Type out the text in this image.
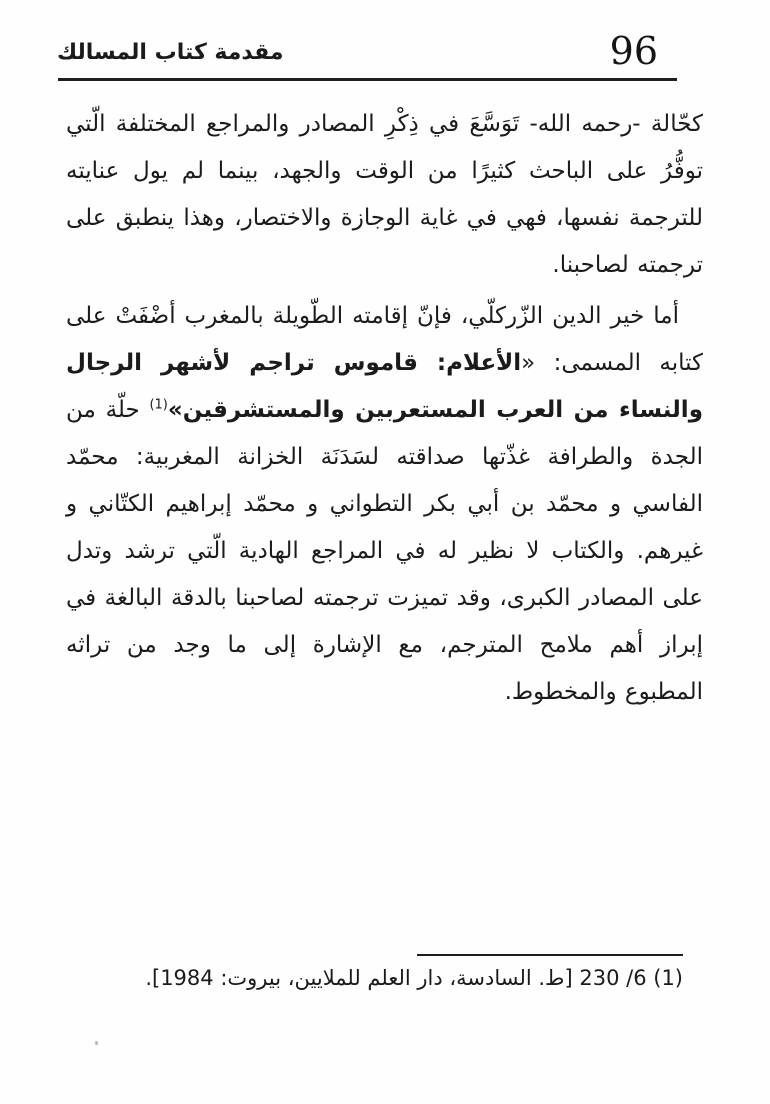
مقدمة كتاب المسالك	96

كحّالة -رحمه الله- تَوَسَّعَ في ذِكْرِ المصادر والمراجع المختلفة الّتي توفُّرُ على الباحث كثيرًا من الوقت والجهد، بينما لم يول عنايته للترجمة نفسها، فهي في غاية الوجازة والاختصار، وهذا ينطبق على ترجمته لصاحبنا.

أما خير الدين الزّركلّي، فإنّ إقامته الطّويلة بالمغرب أضْفَتْ على كتابه المسمى: «الأعلام: قاموس تراجم لأشهر الرجال والنساء من العرب المستعربين والمستشرقين»$^{(1)}$ حلّة من الجدة والطرافة غذّتها صداقته لسَدَنَة الخزانة المغربية: محمّد الفاسي و محمّد بن أبي بكر التطواني و محمّد إبراهيم الكتّاني و غيرهم. والكتاب لا نظير له في المراجع الهادية الّتي ترشد وتدل على المصادر الكبرى، وقد تميزت ترجمته لصاحبنا بالدقة البالغة في إبراز أهم ملامح المترجم، مع الإشارة إلى ما وجد من تراثه المطبوع والمخطوط.

(1) 230 /6 [ط. السادسة، دار العلم للملايين، بيروت: 1984].
